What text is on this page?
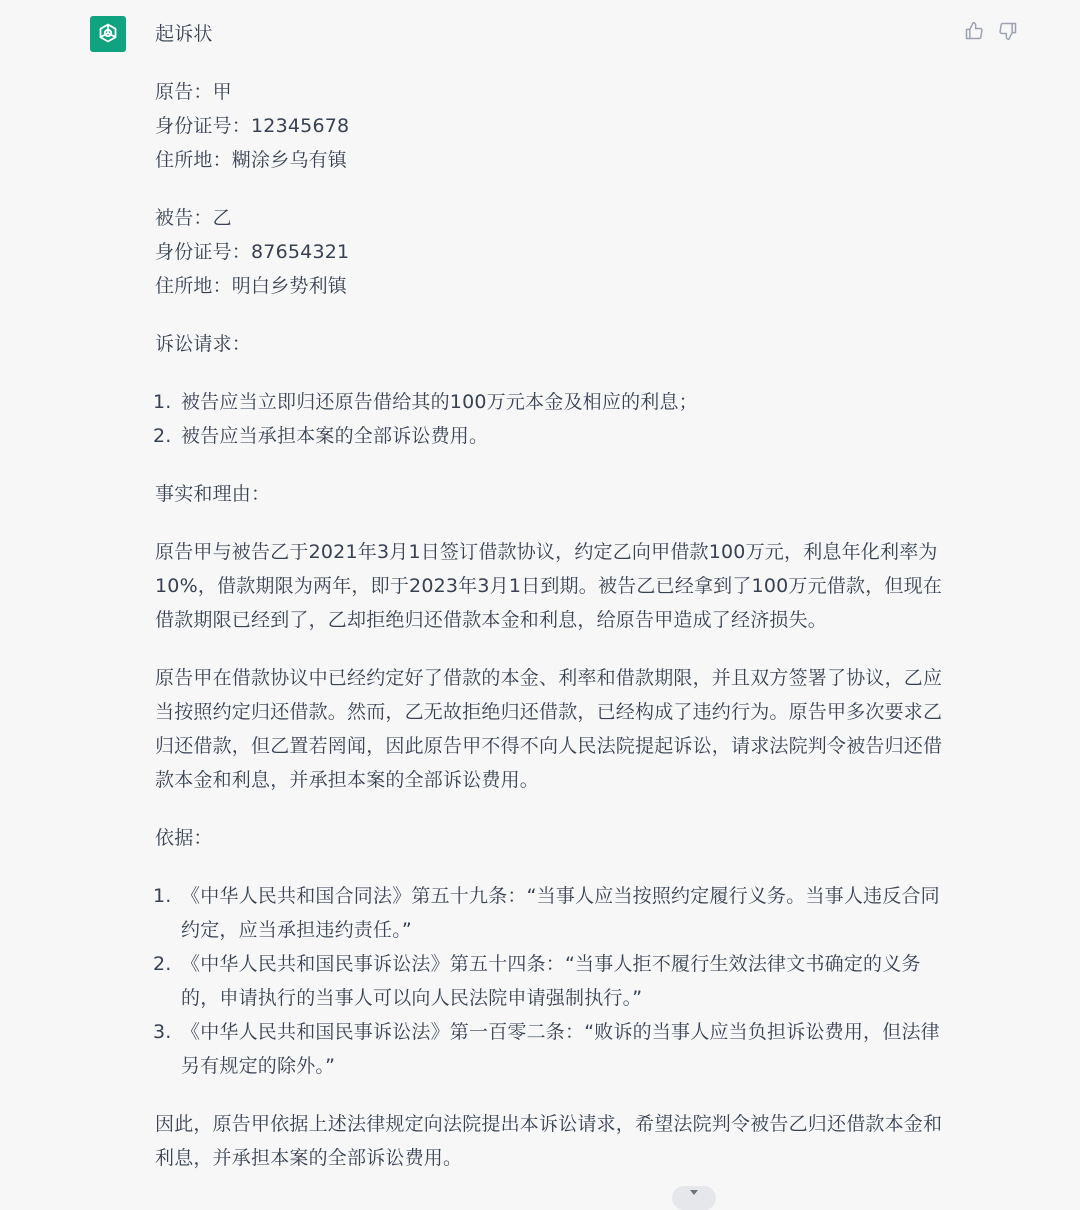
起诉状

原告：甲

身份证号：12345678

住所地：糊涂乡乌有镇

被告：乙

身份证号：87654321

住所地：明白乡势利镇

诉讼请求：

1. 被告应当立即归还原告借给其的100万元本金及相应的利息；
2. 被告应当承担本案的全部诉讼费用。

事实和理由：

原告甲与被告乙于2021年3月1日签订借款协议，约定乙向甲借款100万元，利息年化利率为10%，借款期限为两年，即于2023年3月1日到期。被告乙已经拿到了100万元借款，但现在借款期限已经到了，乙却拒绝归还借款本金和利息，给原告甲造成了经济损失。

原告甲在借款协议中已经约定好了借款的本金、利率和借款期限，并且双方签署了协议，乙应当按照约定归还借款。然而，乙无故拒绝归还借款，已经构成了违约行为。原告甲多次要求乙归还借款，但乙置若罔闻，因此原告甲不得不向人民法院提起诉讼，请求法院判令被告归还借款本金和利息，并承担本案的全部诉讼费用。

依据：

1. 《中华人民共和国合同法》第五十九条：“当事人应当按照约定履行义务。当事人违反合同约定，应当承担违约责任。”
2. 《中华人民共和国民事诉讼法》第五十四条：“当事人拒不履行生效法律文书确定的义务的，申请执行的当事人可以向人民法院申请强制执行。”
3. 《中华人民共和国民事诉讼法》第一百零二条：“败诉的当事人应当负担诉讼费用，但法律另有规定的除外。”

因此，原告甲依据上述法律规定向法院提出本诉讼请求，希望法院判令被告乙归还借款本金和利息，并承担本案的全部诉讼费用。
